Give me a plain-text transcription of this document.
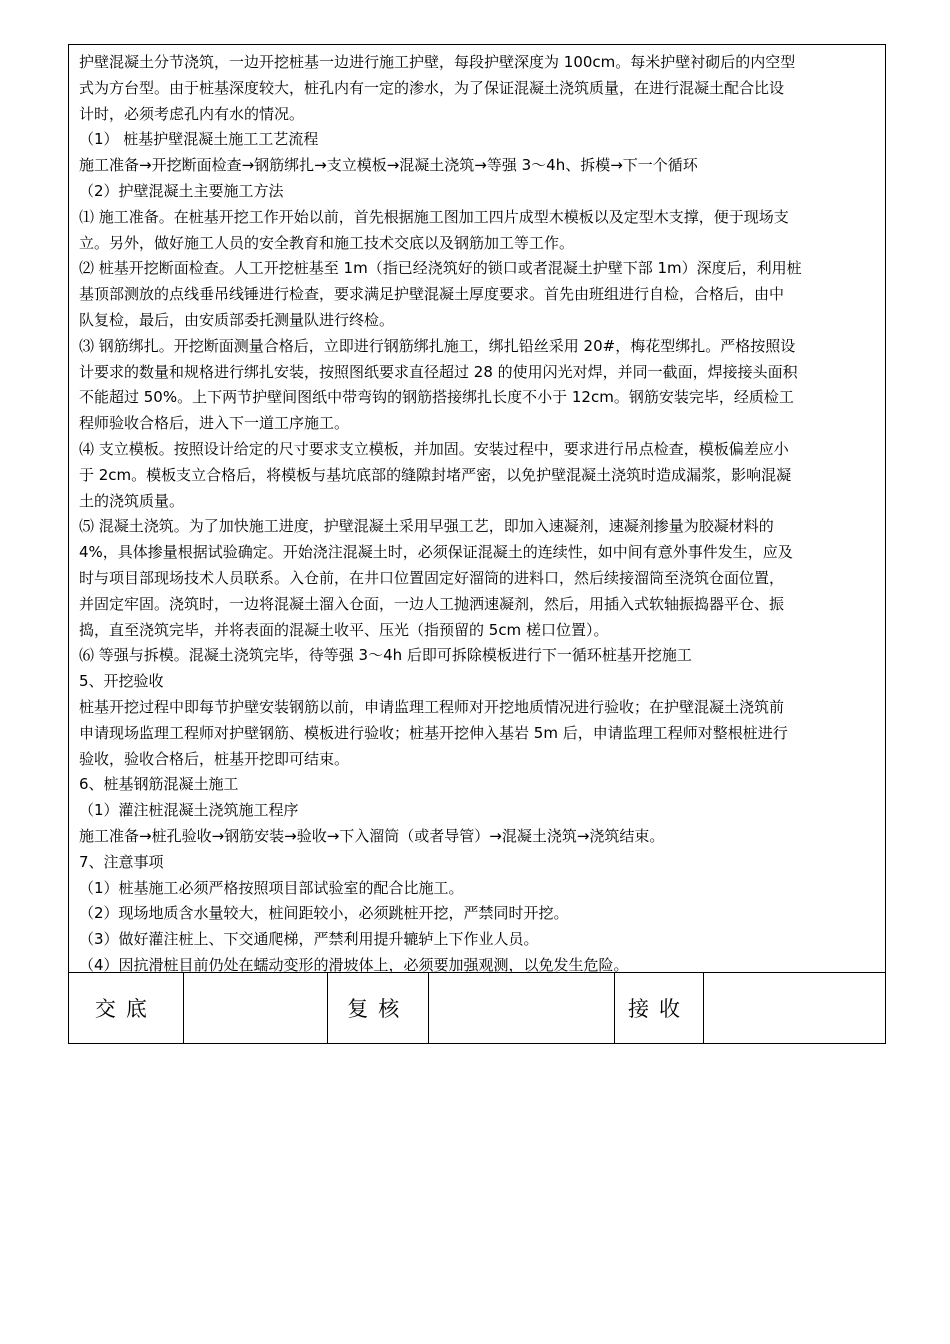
护壁混凝土分节浇筑，一边开挖桩基一边进行施工护壁，每段护壁深度为 100cm。每米护壁衬砌后的内空型
式为方台型。由于桩基深度较大，桩孔内有一定的渗水，为了保证混凝土浇筑质量，在进行混凝土配合比设
计时，必须考虑孔内有水的情况。
（1） 桩基护壁混凝土施工工艺流程
施工准备→开挖断面检查→钢筋绑扎→支立模板→混凝土浇筑→等强 3～4h、拆模→下一个循环
（2）护壁混凝土主要施工方法
⑴ 施工准备。在桩基开挖工作开始以前，首先根据施工图加工四片成型木模板以及定型木支撑，便于现场支
立。另外，做好施工人员的安全教育和施工技术交底以及钢筋加工等工作。
⑵ 桩基开挖断面检查。人工开挖桩基至 1m（指已经浇筑好的锁口或者混凝土护壁下部 1m）深度后，利用桩
基顶部测放的点线垂吊线锤进行检查，要求满足护壁混凝土厚度要求。首先由班组进行自检，合格后，由中
队复检，最后，由安质部委托测量队进行终检。
⑶ 钢筋绑扎。开挖断面测量合格后，立即进行钢筋绑扎施工，绑扎铅丝采用 20#，梅花型绑扎。严格按照设
计要求的数量和规格进行绑扎安装，按照图纸要求直径超过 28 的使用闪光对焊，并同一截面，焊接接头面积
不能超过 50%。上下两节护壁间图纸中带弯钩的钢筋搭接绑扎长度不小于 12cm。钢筋安装完毕，经质检工
程师验收合格后，进入下一道工序施工。
⑷ 支立模板。按照设计给定的尺寸要求支立模板，并加固。安装过程中，要求进行吊点检查，模板偏差应小
于 2cm。模板支立合格后，将模板与基坑底部的缝隙封堵严密，以免护壁混凝土浇筑时造成漏浆，影响混凝
土的浇筑质量。
⑸ 混凝土浇筑。为了加快施工进度，护壁混凝土采用早强工艺，即加入速凝剂，速凝剂掺量为胶凝材料的
4%，具体掺量根据试验确定。开始浇注混凝土时，必须保证混凝土的连续性，如中间有意外事件发生，应及
时与项目部现场技术人员联系。入仓前，在井口位置固定好溜筒的进料口，然后续接溜筒至浇筑仓面位置，
并固定牢固。浇筑时，一边将混凝土溜入仓面，一边人工抛洒速凝剂，然后，用插入式软轴振捣器平仓、振
捣，直至浇筑完毕，并将表面的混凝土收平、压光（指预留的 5cm 槎口位置）。
⑹ 等强与拆模。混凝土浇筑完毕，待等强 3～4h 后即可拆除模板进行下一循环桩基开挖施工
5、开挖验收
桩基开挖过程中即每节护壁安装钢筋以前，申请监理工程师对开挖地质情况进行验收；在护壁混凝土浇筑前
申请现场监理工程师对护壁钢筋、模板进行验收；桩基开挖伸入基岩 5m 后，申请监理工程师对整根桩进行
验收，验收合格后，桩基开挖即可结束。
6、桩基钢筋混凝土施工
（1）灌注桩混凝土浇筑施工程序
施工准备→桩孔验收→钢筋安装→验收→下入溜筒（或者导管）→混凝土浇筑→浇筑结束。
7、注意事项
（1）桩基施工必须严格按照项目部试验室的配合比施工。
（2）现场地质含水量较大，桩间距较小，必须跳桩开挖，严禁同时开挖。
（3）做好灌注桩上、下交通爬梯，严禁利用提升辘轳上下作业人员。
（4）因抗滑桩目前仍处在蠕动变形的滑坡体上，必须要加强观测，以免发生危险。
交底	复核	接收
